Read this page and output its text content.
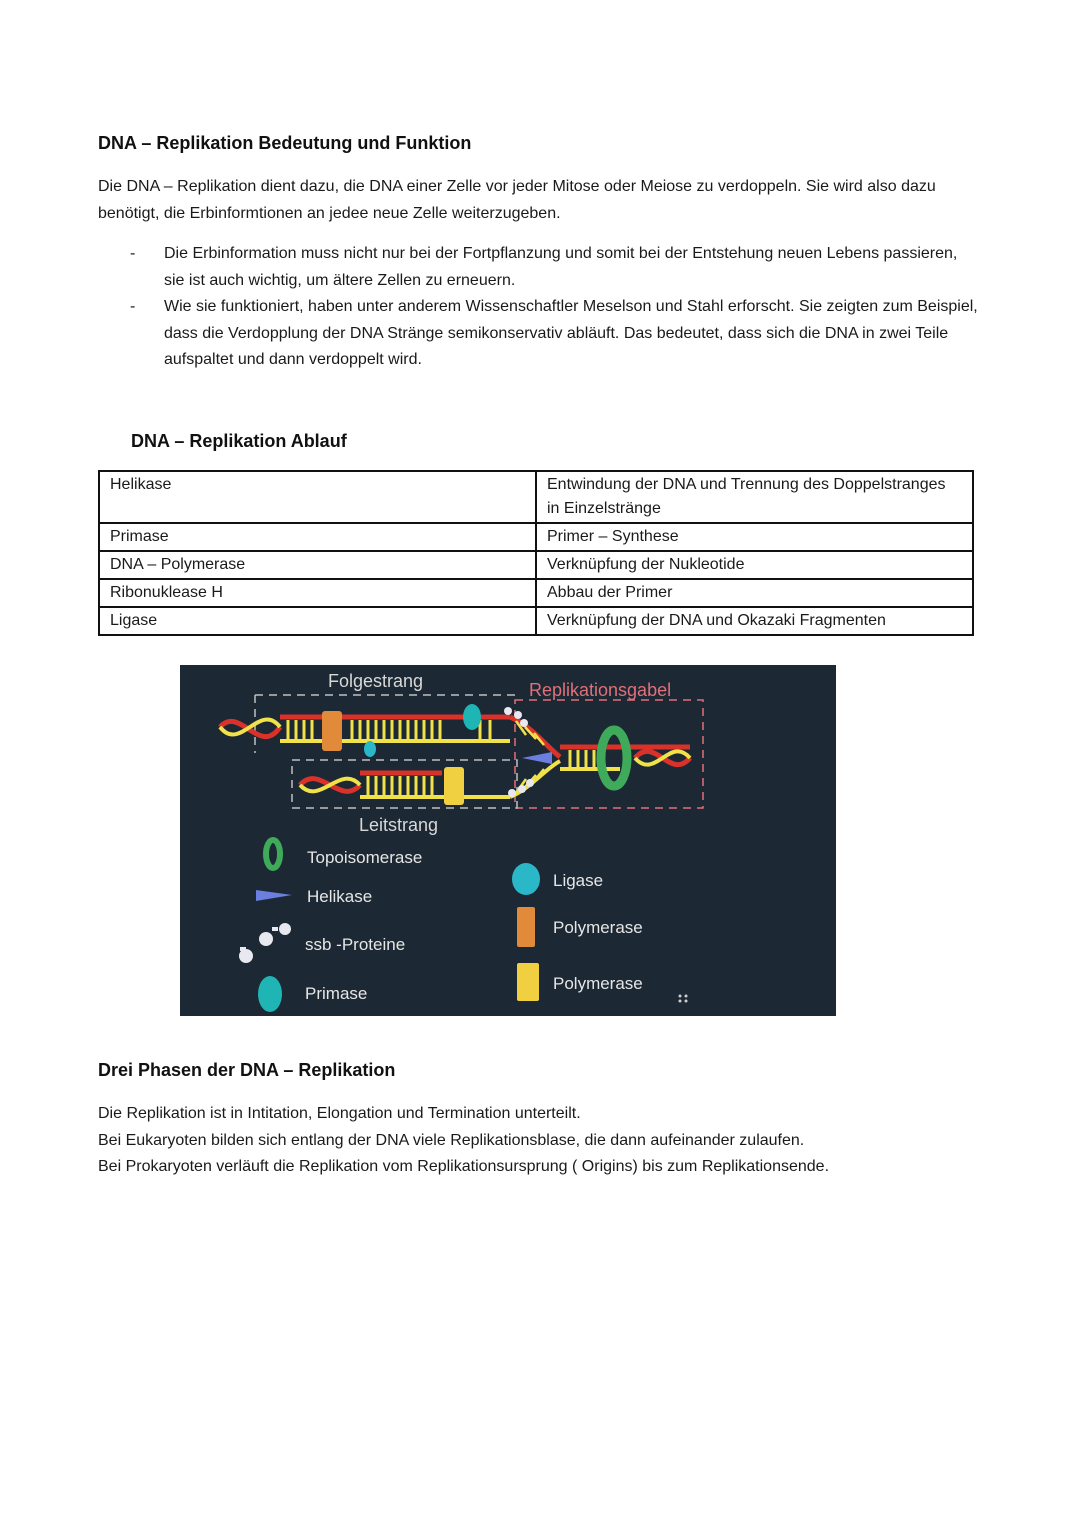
DNA – Replikation Bedeutung und Funktion

Die DNA – Replikation dient dazu, die DNA einer Zelle vor jeder Mitose oder Meiose zu verdoppeln. Sie wird also dazu benötigt, die Erbinformtionen an jedee neue Zelle weiterzugeben.

- Die Erbinformation muss nicht nur bei der Fortpflanzung und somit bei der Entstehung neuen Lebens passieren, sie ist auch wichtig, um ältere Zellen zu erneuern.
- Wie sie funktioniert, haben unter anderem Wissenschaftler Meselson und Stahl erforscht. Sie zeigten zum Beispiel, dass die Verdopplung der DNA Stränge semikonservativ abläuft. Das bedeutet, dass sich die DNA in zwei Teile aufspaltet und dann verdoppelt wird.
DNA – Replikation Ablauf
Helikase	Entwindung der DNA und Trennung des Doppelstranges in Einzelstränge
Primase	Primer – Synthese
DNA – Polymerase	Verknüpfung der Nukleotide
Ribonuklease H	Abbau der Primer
Ligase	Verknüpfung der DNA und Okazaki Fragmenten
Folgestrang	Replikationsgabel
Leitstrang
Topoisomerase
Helikase
ssb -Proteine
Primase
Ligase
Polymerase
Polymerase
Drei Phasen der DNA – Replikation

Die Replikation ist in Intitation, Elongation und Termination unterteilt.

Bei Eukaryoten bilden sich entlang der DNA viele Replikationsblase, die dann aufeinander zulaufen.

Bei Prokaryoten verläuft die Replikation vom Replikationsursprung ( Origins) bis zum Replikationsende.
